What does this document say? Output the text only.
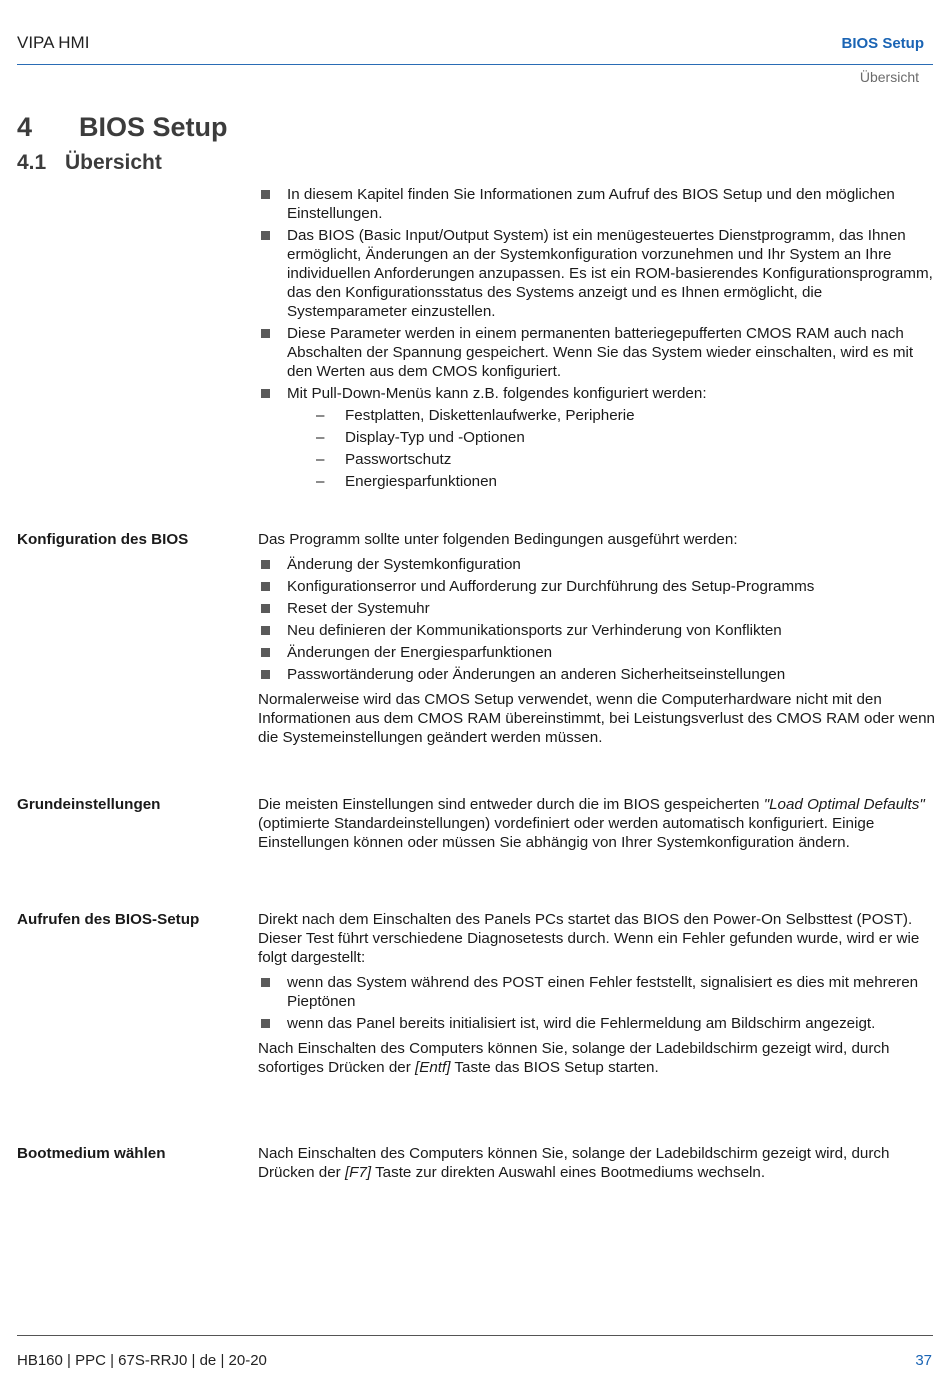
VIPA HMI	BIOS Setup
Übersicht
4 BIOS Setup
4.1 Übersicht
In diesem Kapitel finden Sie Informationen zum Aufruf des BIOS Setup und den möglichen Einstellungen.
Das BIOS (Basic Input/Output System) ist ein menügesteuertes Dienstprogramm, das Ihnen ermöglicht, Änderungen an der Systemkonfiguration vorzunehmen und Ihr System an Ihre individuellen Anforderungen anzupassen. Es ist ein ROM-basierendes Konfigurationsprogramm, das den Konfigurationsstatus des Systems anzeigt und es Ihnen ermöglicht, die Systemparameter einzustellen.
Diese Parameter werden in einem permanenten batteriegepufferten CMOS RAM auch nach Abschalten der Spannung gespeichert. Wenn Sie das System wieder einschalten, wird es mit den Werten aus dem CMOS konfiguriert.
Mit Pull-Down-Menüs kann z.B. folgendes konfiguriert werden:
– Festplatten, Diskettenlaufwerke, Peripherie
– Display-Typ und -Optionen
– Passwortschutz
– Energiesparfunktionen
Konfiguration des BIOS	Das Programm sollte unter folgenden Bedingungen ausgeführt werden:

Änderung der Systemkonfiguration
Konfigurationserror und Aufforderung zur Durchführung des Setup-Programms
Reset der Systemuhr
Neu definieren der Kommunikationsports zur Verhinderung von Konflikten
Änderungen der Energiesparfunktionen
Passwortänderung oder Änderungen an anderen Sicherheitseinstellungen

Normalerweise wird das CMOS Setup verwendet, wenn die Computerhardware nicht mit den Informationen aus dem CMOS RAM übereinstimmt, bei Leistungsverlust des CMOS RAM oder wenn die Systemeinstellungen geändert werden müssen.

Grundeinstellungen	Die meisten Einstellungen sind entweder durch die im BIOS gespeicherten "Load Optimal Defaults" (optimierte Standardeinstellungen) vordefiniert oder werden automatisch konfiguriert. Einige Einstellungen können oder müssen Sie abhängig von Ihrer Systemkonfiguration ändern.

Aufrufen des BIOS-Setup	Direkt nach dem Einschalten des Panels PCs startet das BIOS den Power-On Selbsttest (POST). Dieser Test führt verschiedene Diagnosetests durch. Wenn ein Fehler gefunden wurde, wird er wie folgt dargestellt:

wenn das System während des POST einen Fehler feststellt, signalisiert es dies mit mehreren Pieptönen
wenn das Panel bereits initialisiert ist, wird die Fehlermeldung am Bildschirm angezeigt.

Nach Einschalten des Computers können Sie, solange der Ladebildschirm gezeigt wird, durch sofortiges Drücken der [Entf] Taste das BIOS Setup starten.

Bootmedium wählen	Nach Einschalten des Computers können Sie, solange der Ladebildschirm gezeigt wird, durch Drücken der [F7] Taste zur direkten Auswahl eines Bootmediums wechseln.

HB160 | PPC | 67S-RRJ0 | de | 20-20	37
